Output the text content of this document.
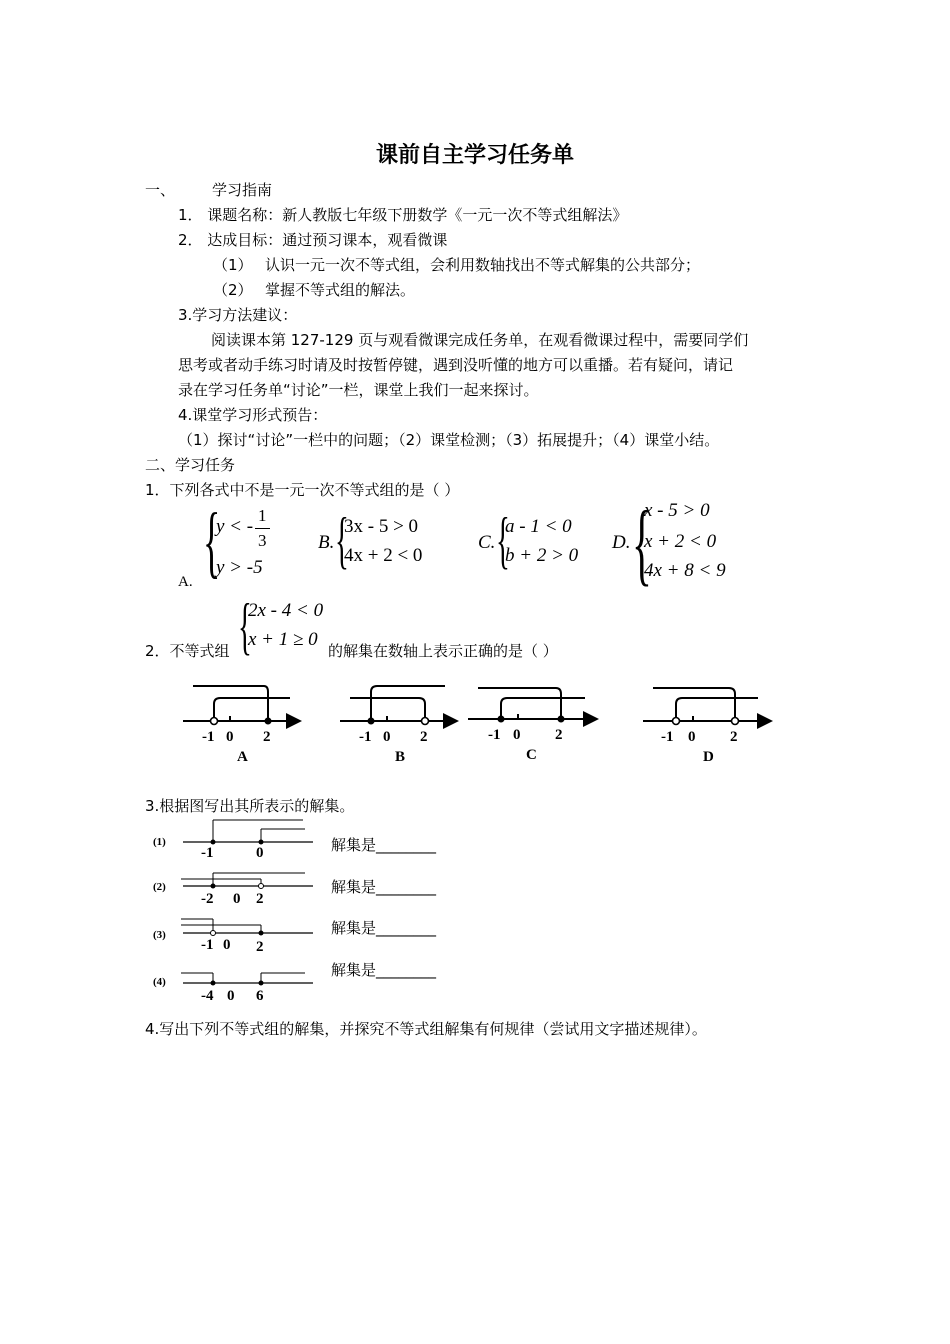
课前自主学习任务单
一、 学习指南
1． 课题名称：新人教版七年级下册数学《一元一次不等式组解法》
2． 达成目标：通过预习课本，观看微课
（1） 认识一元一次不等式组，会利用数轴找出不等式解集的公共部分；
（2） 掌握不等式组的解法。
3.学习方法建议：
阅读课本第 127-129 页与观看微课完成任务单，在观看微课过程中，需要同学们
思考或者动手练习时请及时按暂停键，遇到没听懂的地方可以重播。若有疑问，请记
录在学习任务单“讨论”一栏，课堂上我们一起来探讨。
4.课堂学习形式预告：
（1）探讨“讨论”一栏中的问题；（2）课堂检测；（3）拓展提升；（4）课堂小结。
二、学习任务
1．下列各式中不是一元一次不等式组的是（ ）
A. {
y < -
1
3
y > -5
B. {
3x - 5 > 0
4x + 2 < 0
C. {
a - 1 < 0
b + 2 > 0
D. {
x - 5 > 0
x + 2 < 0
4x + 8 < 9
2．不等式组 {
2x - 4 < 0
x + 1 ≥ 0
的解集在数轴上表示正确的是（ ）
-1 0 2
A
-1 0 2
B
-1 0 2
C
-1 0 2
D
3.根据图写出其所表示的解集。
(1)
-1	0
(2)
-2 0 2
(3)
-1 0 2
(4)
-4 0 6
解集是________
解集是________
解集是________
解集是________
4.写出下列不等式组的解集，并探究不等式组解集有何规律（尝试用文字描述规律）。
